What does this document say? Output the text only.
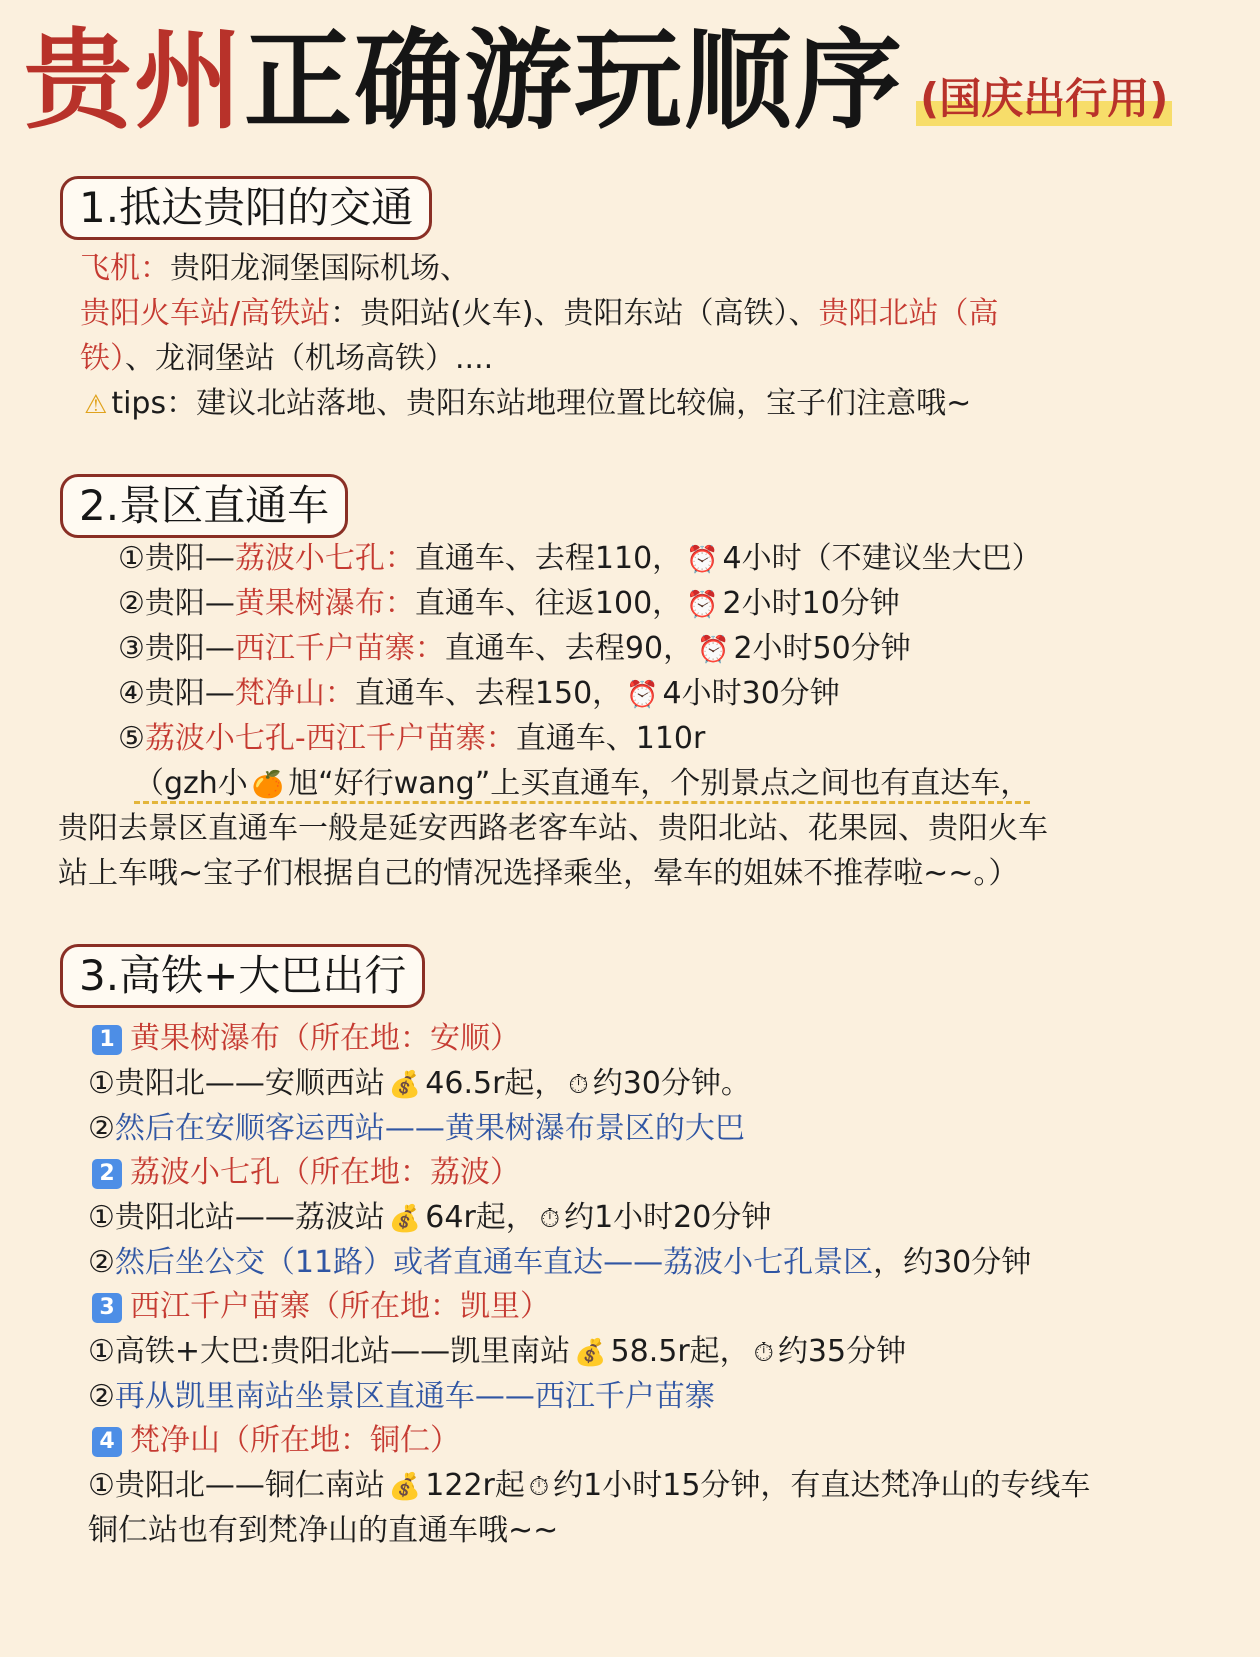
贵州 正确游玩顺序 (国庆出行用)
1.抵达贵阳的交通
飞机：贵阳龙洞堡国际机场、
贵阳火车站/高铁站：贵阳站(火车)、贵阳东站（高铁）、贵阳北站（高
铁）、龙洞堡站（机场高铁）....
⚠ tips：建议北站落地、贵阳东站地理位置比较偏，宝子们注意哦~
2.景区直通车
①贵阳—荔波小七孔：直通车、去程110， ⏰ 4小时（不建议坐大巴）
②贵阳—黄果树瀑布：直通车、往返100， ⏰ 2小时10分钟
③贵阳—西江千户苗寨：直通车、去程90， ⏰ 2小时50分钟
④贵阳—梵净山：直通车、去程150， ⏰ 4小时30分钟
⑤荔波小七孔-西江千户苗寨：直通车、110r
（gzh小 🍊 旭“好行wang”上买直通车，个别景点之间也有直达车，
贵阳去景区直通车一般是延安西路老客车站、贵阳北站、花果园、贵阳火车
站上车哦~宝子们根据自己的情况选择乘坐，晕车的姐妹不推荐啦~~。）
3.高铁+大巴出行
1 黄果树瀑布（所在地：安顺）
①贵阳北——安顺西站 💰 46.5r起， ⏱ 约30分钟。
②然后在安顺客运西站——黄果树瀑布景区的大巴
2 荔波小七孔（所在地：荔波）
①贵阳北站——荔波站 💰 64r起， ⏱ 约1小时20分钟
②然后坐公交（11路）或者直通车直达——荔波小七孔景区，约30分钟
3 西江千户苗寨（所在地：凯里）
①高铁+大巴:贵阳北站——凯里南站 💰 58.5r起， ⏱ 约35分钟
②再从凯里南站坐景区直通车——西江千户苗寨
4 梵净山（所在地：铜仁）
①贵阳北——铜仁南站 💰 122r起 ⏱ 约1小时15分钟，有直达梵净山的专线车
铜仁站也有到梵净山的直通车哦~~
